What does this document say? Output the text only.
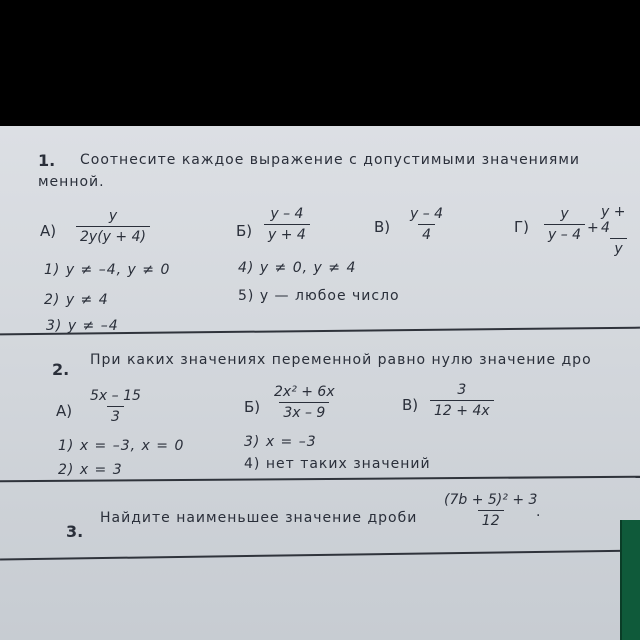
1. Соотнесите каждое выражение с допустимыми значениями
менной.
$А) \frac{y}{2y(y + 4)}$	$Б) \frac{y - 4}{y + 4}$	$В) \frac{y - 4}{4}$	$Г) \frac{y}{y - 4}$ +
$\frac{y + 4}{y}$
1) y ≠ –4, y ≠ 0
2) y ≠ 4
3) y ≠ –4
4) y ≠ 0, y ≠ 4
5) y — любое число
2. При каких значениях переменной равно нулю значение дро
$А) \frac{5x - 15}{3}$	$Б) \frac{\text{2x² + 6x}}{3x - 9}$	$В) \frac{3}{12 + 4x}$
1) x = –3, x = 0
2) x = 3
3) x = –3
4) нет таких значений
3.
Найдите наименьшее значение дроби $\frac{\text{(7b + 5)² + 3}}{12}$
.
